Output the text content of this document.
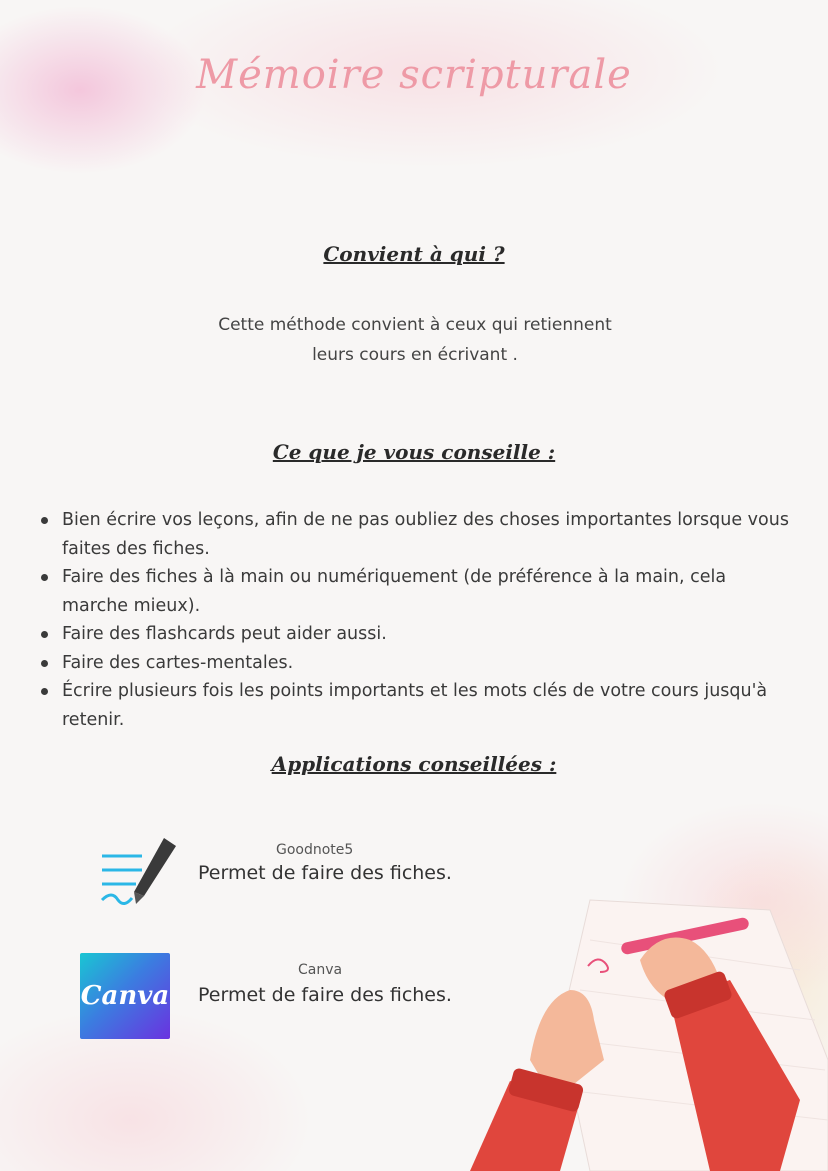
Mémoire scripturale
Convient à qui ?
Cette méthode convient à ceux qui retiennent
leurs cours en écrivant .
Ce que je vous conseille :
Bien écrire vos leçons, afin de ne pas oubliez des choses importantes lorsque vous faites des fiches.
Faire des fiches à là main ou numériquement (de préférence à la main, cela marche mieux).
Faire des flashcards peut aider aussi.
Faire des cartes-mentales.
Écrire plusieurs fois les points importants et les mots clés de votre cours jusqu'à retenir.
Applications conseillées :
Goodnote5
Permet de faire des fiches.
Canva
Canva
Permet de faire des fiches.
